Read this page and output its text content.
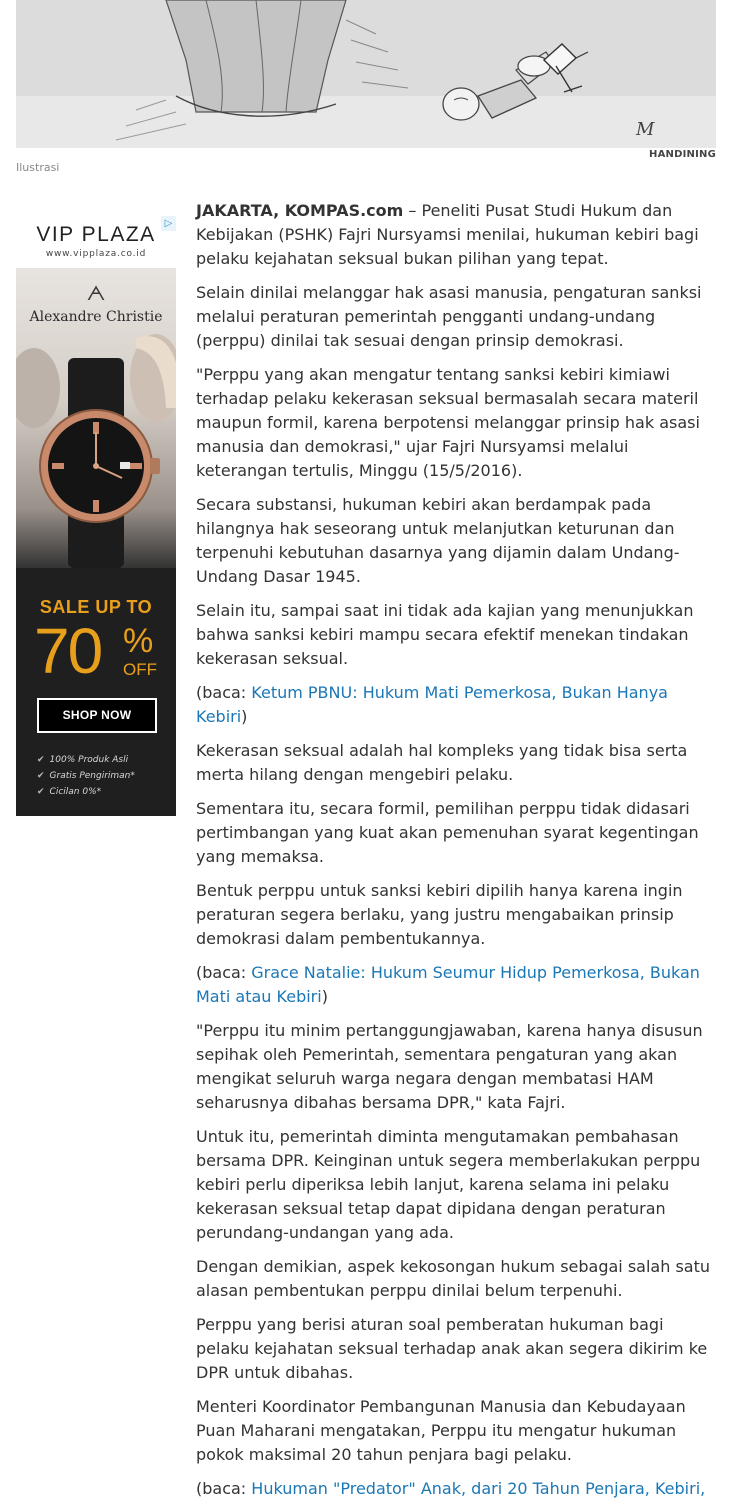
M
HANDINING
Ilustrasi
VIP PLAZA
www.vipplaza.co.id
▷
ᗅ
Alexandre Christie
SALE UP TO
70 %
OFF
SHOP NOW
✔ 100% Produk Asli
✔ Gratis Pengiriman*
✔ Cicilan 0%*

JAKARTA, KOMPAS.com – Peneliti Pusat Studi Hukum dan Kebijakan (PSHK) Fajri Nursyamsi menilai, hukuman kebiri bagi pelaku kejahatan seksual bukan pilihan yang tepat.

Selain dinilai melanggar hak asasi manusia, pengaturan sanksi melalui peraturan pemerintah pengganti undang-undang (perppu) dinilai tak sesuai dengan prinsip demokrasi.

"Perppu yang akan mengatur tentang sanksi kebiri kimiawi terhadap pelaku kekerasan seksual bermasalah secara materil maupun formil, karena berpotensi melanggar prinsip hak asasi manusia dan demokrasi," ujar Fajri Nursyamsi melalui keterangan tertulis, Minggu (15/5/2016).

Secara substansi, hukuman kebiri akan berdampak pada hilangnya hak seseorang untuk melanjutkan keturunan dan terpenuhi kebutuhan dasarnya yang dijamin dalam Undang-Undang Dasar 1945.

Selain itu, sampai saat ini tidak ada kajian yang menunjukkan bahwa sanksi kebiri mampu secara efektif menekan tindakan kekerasan seksual.

(baca: Ketum PBNU: Hukum Mati Pemerkosa, Bukan Hanya Kebiri)

Kekerasan seksual adalah hal kompleks yang tidak bisa serta merta hilang dengan mengebiri pelaku.

Sementara itu, secara formil, pemilihan perppu tidak didasari pertimbangan yang kuat akan pemenuhan syarat kegentingan yang memaksa.

Bentuk perppu untuk sanksi kebiri dipilih hanya karena ingin peraturan segera berlaku, yang justru mengabaikan prinsip demokrasi dalam pembentukannya.

(baca: Grace Natalie: Hukum Seumur Hidup Pemerkosa, Bukan Mati atau Kebiri)

"Perppu itu minim pertanggungjawaban, karena hanya disusun sepihak oleh Pemerintah, sementara pengaturan yang akan mengikat seluruh warga negara dengan membatasi HAM seharusnya dibahas bersama DPR," kata Fajri.

Untuk itu, pemerintah diminta mengutamakan pembahasan bersama DPR. Keinginan untuk segera memberlakukan perppu kebiri perlu diperiksa lebih lanjut, karena selama ini pelaku kekerasan seksual tetap dapat dipidana dengan peraturan perundang-undangan yang ada.

Dengan demikian, aspek kekosongan hukum sebagai salah satu alasan pembentukan perppu dinilai belum terpenuhi.

Perppu yang berisi aturan soal pemberatan hukuman bagi pelaku kejahatan seksual terhadap anak akan segera dikirim ke DPR untuk dibahas.

Menteri Koordinator Pembangunan Manusia dan Kebudayaan Puan Maharani mengatakan, Perppu itu mengatur hukuman pokok maksimal 20 tahun penjara bagi pelaku.

(baca: Hukuman "Predator" Anak, dari 20 Tahun Penjara, Kebiri,
